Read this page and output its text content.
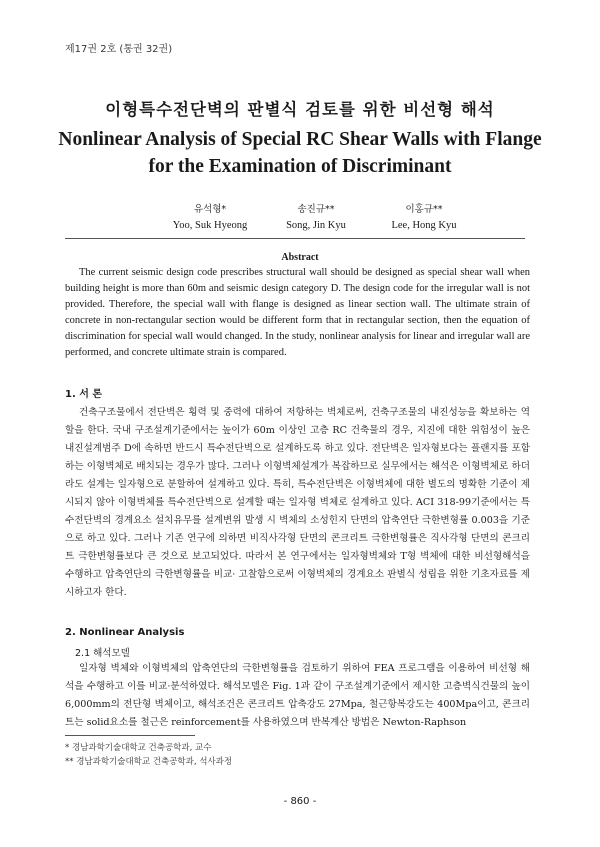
제17권 2호 (통권 32권)
이형특수전단벽의 판별식 검토를 위한 비선형 해석
Nonlinear Analysis of Special RC Shear Walls with Flange
for the Examination of Discriminant
유석형*
Yoo, Suk Hyeong
송진규**
Song, Jin Kyu
이홍규**
Lee, Hong Kyu
Abstract
The current seismic design code prescribes structural wall should be designed as special shear wall when building height is more than 60m and seismic design category D. The design code for the irregular wall is not provided. Therefore, the special wall with flange is designed as linear section wall. The ultimate strain of concrete in non-rectangular section would be different form that in rectangular section, then the equation of discrimination for special wall would changed. In the study, nonlinear analysis for linear and irregular wall are performed, and concrete ultimate strain is compared.
1. 서 론

건축구조물에서 전단벽은 횡력 및 중력에 대하여 저항하는 벽체로써, 건축구조물의 내진성능을 확보하는 역할을 한다. 국내 구조설계기준에서는 높이가 60m 이상인 고층 RC 건축물의 경우, 지진에 대한 위험성이 높은 내진설계범주 D에 속하면 반드시 특수전단벽으로 설계하도록 하고 있다. 전단벽은 일자형보다는 플랜지를 포함하는 이형벽체로 배치되는 경우가 많다. 그러나 이형벽체설계가 복잡하므로 실무에서는 해석은 이형벽체로 하더라도 설계는 일자형으로 분할하여 설계하고 있다. 특히, 특수전단벽은 이형벽체에 대한 별도의 명확한 기준이 제시되지 않아 이형벽체를 특수전단벽으로 설계할 때는 일자형 벽체로 설계하고 있다. ACI 318-99기준에서는 특수전단벽의 경계요소 설치유무를 설계변위 발생 시 벽체의 소성힌지 단면의 압축연단 극한변형률 0.003을 기준으로 하고 있다. 그러나 기존 연구에 의하면 비직사각형 단면의 콘크리트 극한변형률은 직사각형 단면의 콘크리트 극한변형률보다 큰 것으로 보고되었다. 따라서 본 연구에서는 일자형벽체와 T형 벽체에 대한 비선형해석을 수행하고 압축연단의 극한변형률을 비교· 고찰함으로써 이형벽체의 경계요소 판별식 성립을 위한 기초자료를 제시하고자 한다.

2. Nonlinear Analysis
2.1 해석모델

일자형 벽체와 이형벽체의 압축연단의 극한변형률을 검토하기 위하여 FEA 프로그램을 이용하여 비선형 해석을 수행하고 이를 비교·분석하였다. 해석모델은 Fig. 1과 같이 구조설계기준에서 제시한 고층벽식건물의 높이 6,000mm의 전단형 벽체이고, 해석조건은 콘크리트 압축강도 27Mpa, 철근항복강도는 400Mpa이고, 콘크리트는 solid요소를 철근은 reinforcement를 사용하였으며 반복계산 방법은 Newton-Raphson

* 경남과학기술대학교 건축공학과, 교수
** 경남과학기술대학교 건축공학과, 석사과정
- 860 -
